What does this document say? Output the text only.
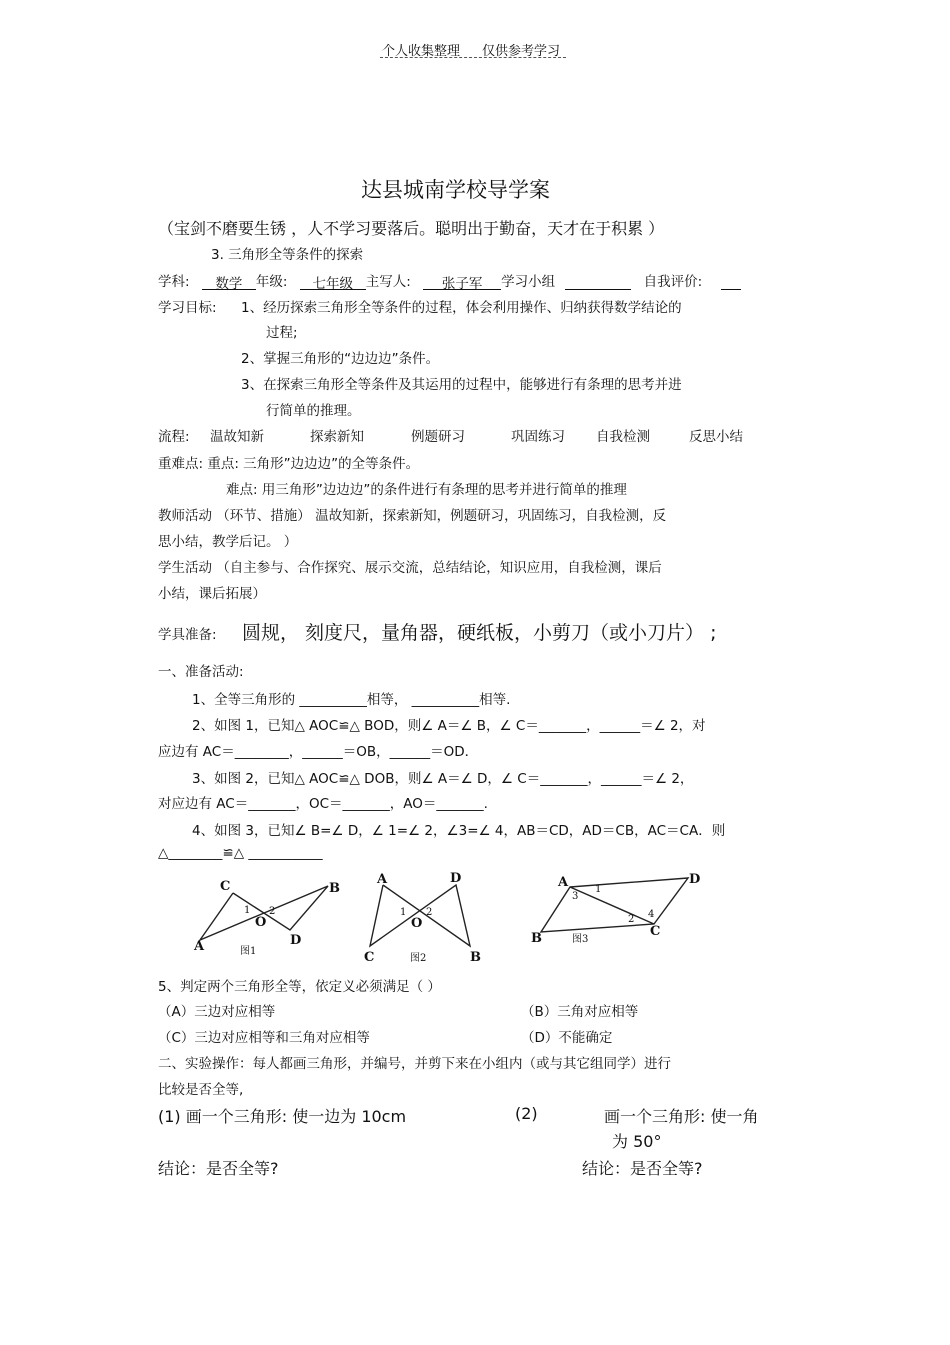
个人收集整理 仅供参考学习
达县城南学校导学案
（宝剑不磨要生锈 ，人不学习要落后。聪明出于勤奋，天才在于积累 ）
3. 三角形全等条件的探索
学科: 数学 年级: 七年级 主写人: 张子军 学习小组	自我评价:
学习目标: 1、经历探索三角形全等条件的过程，体会利用操作、归纳获得数学结论的
过程;
2、掌握三角形的“边边边”条件。
3、在探索三角形全等条件及其运用的过程中，能够进行有条理的思考并进
行简单的推理。
流程: 温故知新	探索新知	例题研习	巩固练习 自我检测	反思小结
重难点: 重点: 三角形”边边边”的全等条件。
难点: 用三角形”边边边”的条件进行有条理的思考并进行简单的推理
教师活动 （环节、措施） 温故知新，探索新知，例题研习，巩固练习，自我检测，反
思小结，教学后记。 ）
学生活动 （自主参与、合作探究、展示交流，总结结论，知识应用，自我检测，课后
小结，课后拓展）
学具准备: 圆规， 刻度尺，量角器，硬纸板，小剪刀（或小刀片） ;
一、准备活动:
1、全等三角形的 __________相等， __________相等.
2、如图 1，已知△ AOC≌△ BOD，则∠ A＝∠ B，∠ C＝_______，______＝∠ 2，对
应边有 AC＝________，______＝OB，______＝OD．
3、如图 2，已知△ AOC≌△ DOB，则∠ A＝∠ D，∠ C＝_______，______＝∠ 2，
对应边有 AC＝_______，OC＝_______，AO＝_______.
4、如图 3，已知∠ B=∠ D，∠ 1=∠ 2，∠3=∠ 4，AB＝CD，AD＝CB，AC＝CA．则
△________≌△ ___________
C	B
1 2
O
A	D
图1
A	D
1 2
O
C	B
图2
A	D
1
3
2 4
B	C
图3
5、判定两个三角形全等，依定义必须满足（ ）
（A）三边对应相等	（B）三角对应相等
（C）三边对应相等和三角对应相等	（D）不能确定
二、实验操作：每人都画三角形，并编号，并剪下来在小组内（或与其它组同学）进行
比较是否全等,
(1) 画一个三角形: 使一边为 10cm	(2)	画一个三角形: 使一角
为 50°
结论：是否全等?	结论：是否全等?
